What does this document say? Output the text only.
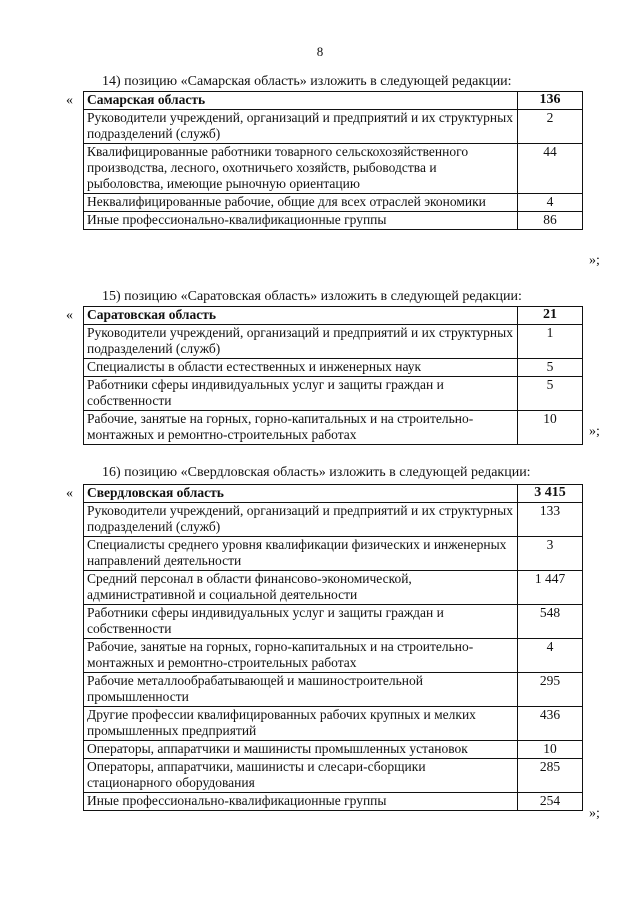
8
14) позицию «Самарская область» изложить в следующей редакции:
« Самарская область	136
Руководители учреждений, организаций и предприятий и их структурных подразделений (служб)	2
Квалифицированные работники товарного сельскохозяйственного производства, лесного, охотничьего хозяйств, рыбоводства и рыболовства, имеющие рыночную ориентацию	44
Неквалифицированные рабочие, общие для всех отраслей экономики	4
Иные профессионально-квалификационные группы	86
»;
15) позицию «Саратовская область» изложить в следующей редакции:
« Саратовская область	21
Руководители учреждений, организаций и предприятий и их структурных подразделений (служб)	1
Специалисты в области естественных и инженерных наук	5
Работники сферы индивидуальных услуг и защиты граждан и собственности	5
Рабочие, занятые на горных, горно-капитальных и на строительно-монтажных и ремонтно-строительных работах	10
»;
16) позицию «Свердловская область» изложить в следующей редакции:
« Свердловская область	3 415
Руководители учреждений, организаций и предприятий и их структурных подразделений (служб)	133
Специалисты среднего уровня квалификации физических и инженерных направлений деятельности	3
Средний персонал в области финансово-экономической, административной и социальной деятельности	1 447
Работники сферы индивидуальных услуг и защиты граждан и собственности	548
Рабочие, занятые на горных, горно-капитальных и на строительно-монтажных и ремонтно-строительных работах	4
Рабочие металлообрабатывающей и машиностроительной промышленности	295
Другие профессии квалифицированных рабочих крупных и мелких промышленных предприятий	436
Операторы, аппаратчики и машинисты промышленных установок	10
Операторы, аппаратчики, машинисты и слесари-сборщики стационарного оборудования	285
Иные профессионально-квалификационные группы	254
»;
